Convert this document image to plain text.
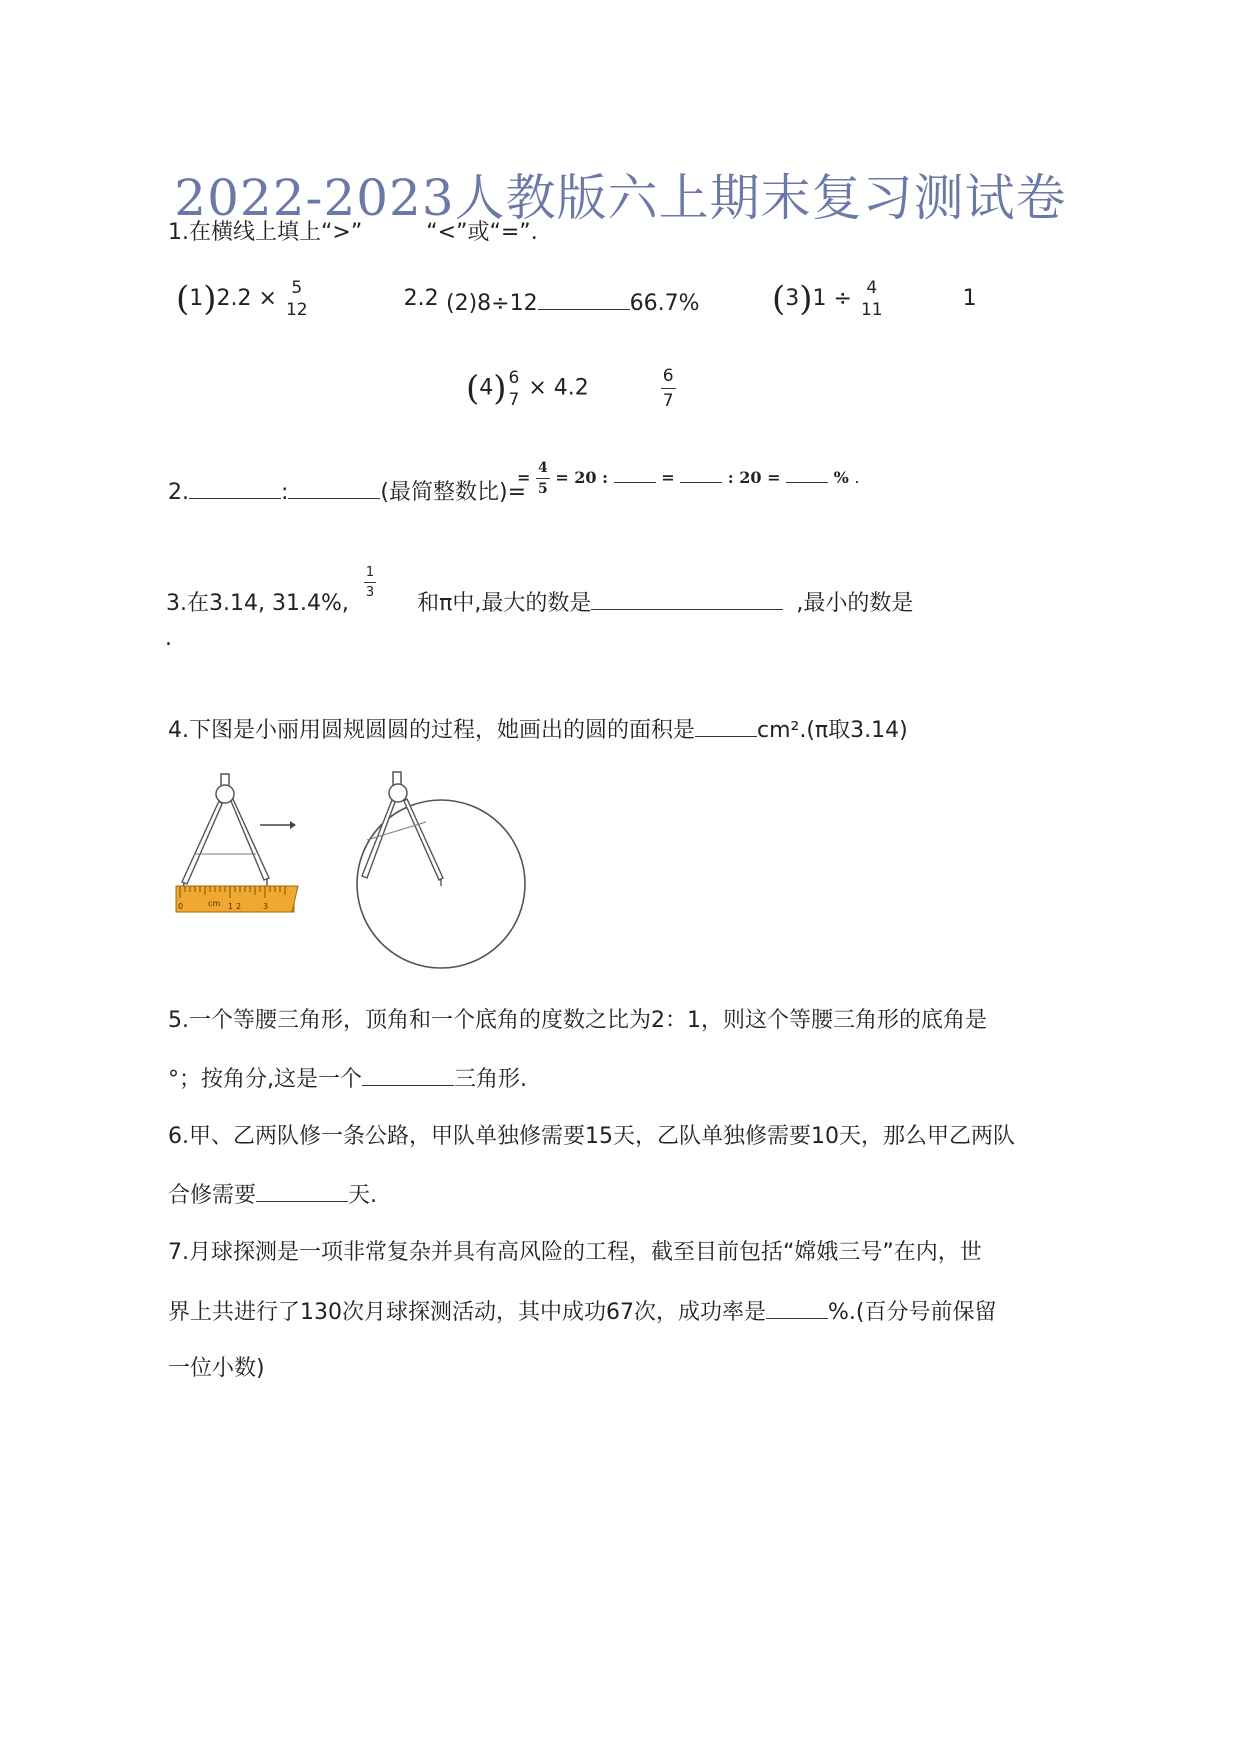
2022-2023人教版六上期末复习测试卷
1.在横线上填上“>”	“<”或“=”.
(1)2.2 × 5
12	2.2 (2)8÷12	66.7% (3)1 ÷ 4
11	1
(4) 6
7 × 4.2	$\frac{6}{7}$
2.	:	(最简整数比)=
= $\frac{4}{5} = 20$ :	=	: 20 =	% .
3.在3.14, 31.4%,
$\frac{1}{3}$
和π中,最大的数是	,最小的数是
.
4.下图是小丽用圆规圆圆的过程，她画出的圆的面积是	cm².(π取3.14)
0	cm 1 2	3
5.一个等腰三角形，顶角和一个底角的度数之比为2：1，则这个等腰三角形的底角是
°；按角分,这是一个	三角形.
6.甲、乙两队修一条公路，甲队单独修需要15天，乙队单独修需要10天，那么甲乙两队
合修需要	天.
7.月球探测是一项非常复杂并具有高风险的工程，截至目前包括“嫦娥三号”在内，世
界上共进行了130次月球探测活动，其中成功67次，成功率是	%.(百分号前保留
一位小数)
